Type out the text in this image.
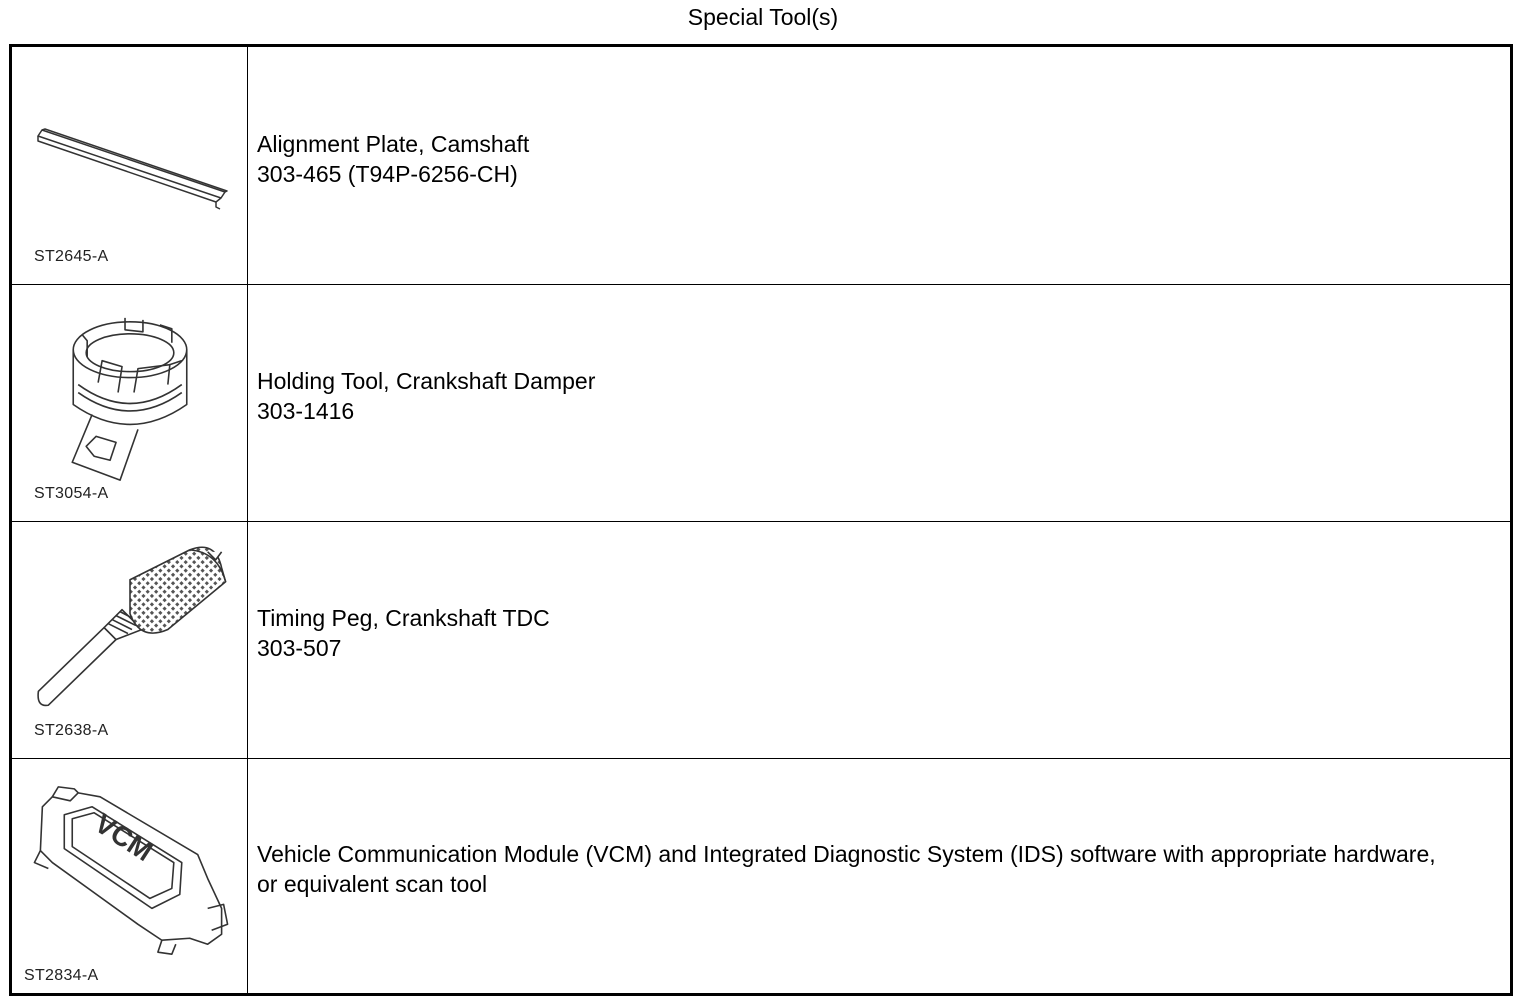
Special Tool(s)
ST2645-A
Alignment Plate, Camshaft
303-465 (T94P-6256-CH)
ST3054-A
Holding Tool, Crankshaft Damper
303-1416
ST2638-A
Timing Peg, Crankshaft TDC
303-507
VCM
ST2834-A
Vehicle Communication Module (VCM) and Integrated Diagnostic System (IDS) software with appropriate hardware, or equivalent scan tool
